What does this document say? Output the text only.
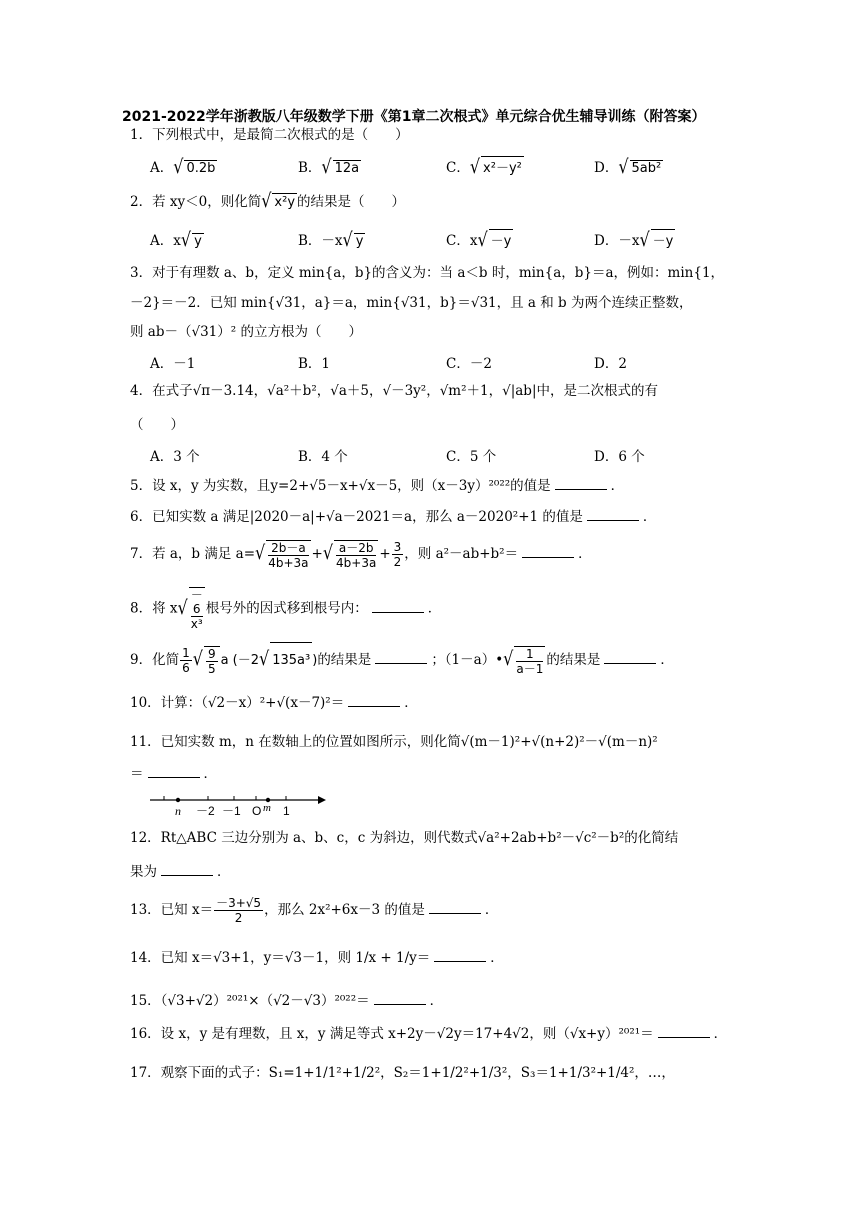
2021-2022学年浙教版八年级数学下册《第1章二次根式》单元综合优生辅导训练（附答案）
1．下列根式中，是最简二次根式的是（　　）
A．√ 0.2b	B．√ 12a	C．√ x²－y²	D．√ 5ab²
2．若 xy＜0，则化简√ x²y 的结果是（　　）
A．x√ y	B．－x√ y	C．x√ －y	D．－x√ －y
3．对于有理数 a、b，定义 min{a，b}的含义为：当 a＜b 时，min{a，b}＝a，例如：min{1，
－2}＝－2．已知 min{√31，a}＝a，min{√31，b}＝√31，且 a 和 b 为两个连续正整数，
则 ab－（√31）² 的立方根为（　　）
A．－1	B．1	C．－2	D．2
4．在式子√π－3.14，√a²＋b²，√a＋5，√－3y²，√m²＋1，√|ab|中，是二次根式的有
（　　）
A．3 个	B．4 个	C．5 个	D．6 个
5．设 x，y 为实数，且y=2+√5－x+√x－5，则（x－3y）²⁰²²的值是	．
6．已知实数 a 满足|2020－a|+√a－2021＝a，那么 a－2020²+1 的值是	．
7．若 a，b 满足 $a=√ \frac{2b-a}{4b+3a}$ +√ $\frac{a-2b}{4b+3a} + \frac{3}{2}$ ，则 a²－ab+b²＝	．
8．将 x√－
6
x³
根号外的因式移到根号内：	．
9．化简 $\frac{1}{6}$ √ $\frac{9}{5}$ a (－2√ 135a³ )的结果是	；（1－a）•√ $\frac{1}{a-1}$ 的结果是	．
10．计算：（√2－x）²+√(x－7)²＝	．
11．已知实数 m，n 在数轴上的位置如图所示，则化简√(m－1)²+√(n+2)²－√(m－n)²
＝	．
n －2 －1 O m 1
12．Rt△ABC 三边分别为 a、b、c，c 为斜边，则代数式√a²+2ab+b²－√c²－b²的化简结
果为	．
13．已知 $x= \frac{-3+√5}{2}$ ，那么 2x²+6x－3 的值是	．
14．已知 x＝√3+1，y＝√3－1，则 1/x + 1/y＝	．
15．（√3+√2）²⁰²¹×（√2－√3）²⁰²²＝	．
16．设 x，y 是有理数，且 x，y 满足等式 x+2y－√2y＝17+4√2，则（√x+y）²⁰²¹＝	．
17．观察下面的式子：S₁=1+1/1²+1/2²，S₂＝1+1/2²+1/3²，S₃＝1+1/3²+1/4²，…，
